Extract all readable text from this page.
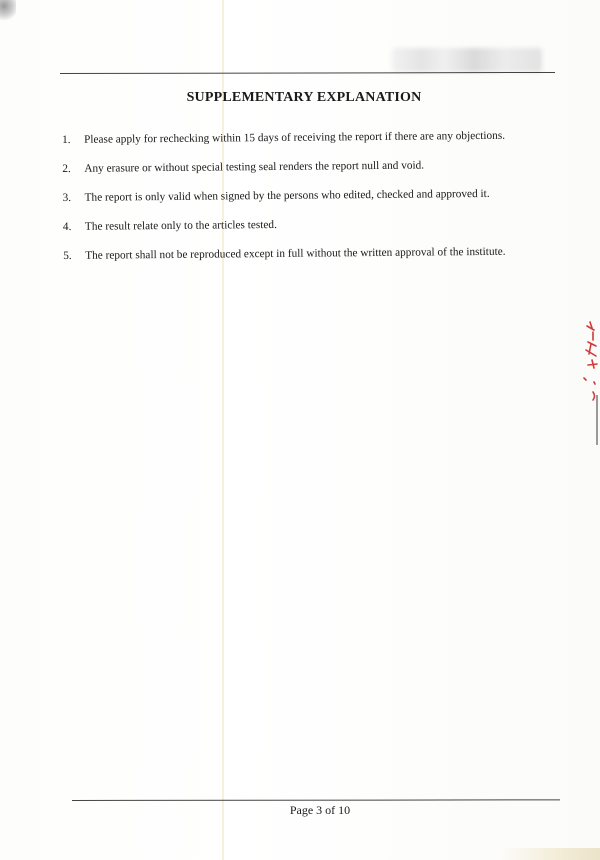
SUPPLEMENTARY EXPLANATION
1.	Please apply for rechecking within 15 days of receiving the report if there are any objections.
2.	Any erasure or without special testing seal renders the report null and void.
3.	The report is only valid when signed by the persons who edited, checked and approved it.
4.	The result relate only to the articles tested.
5.	The report shall not be reproduced except in full without the written approval of the institute.
Page 3 of 10
